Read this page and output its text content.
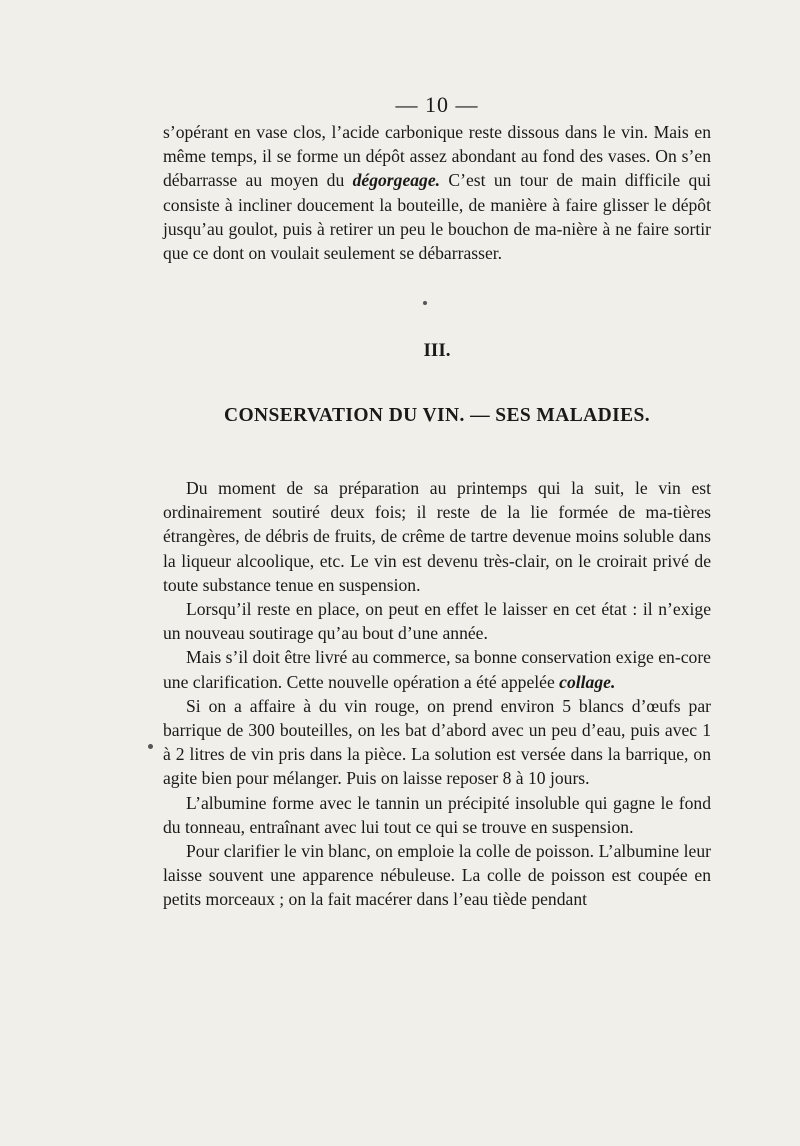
— 10 —

s’opérant en vase clos, l’acide carbonique reste dissous dans le vin. Mais en même temps, il se forme un dépôt assez abondant au fond des vases. On s’en débarrasse au moyen du dégorgeage. C’est un tour de main difficile qui consiste à incliner doucement la bouteille, de manière à faire glisser le dépôt jusqu’au goulot, puis à retirer un peu le bouchon de ma-nière à ne faire sortir que ce dont on voulait seulement se débarrasser.

III.
CONSERVATION DU VIN. — SES MALADIES.

Du moment de sa préparation au printemps qui la suit, le vin est ordinairement soutiré deux fois; il reste de la lie formée de ma-tières étrangères, de débris de fruits, de crême de tartre devenue moins soluble dans la liqueur alcoolique, etc. Le vin est devenu très-clair, on le croirait privé de toute substance tenue en suspension.

Lorsqu’il reste en place, on peut en effet le laisser en cet état : il n’exige un nouveau soutirage qu’au bout d’une année.

Mais s’il doit être livré au commerce, sa bonne conservation exige en-core une clarification. Cette nouvelle opération a été appelée collage.

Si on a affaire à du vin rouge, on prend environ 5 blancs d’œufs par barrique de 300 bouteilles, on les bat d’abord avec un peu d’eau, puis avec 1 à 2 litres de vin pris dans la pièce. La solution est versée dans la barrique, on agite bien pour mélanger. Puis on laisse reposer 8 à 10 jours.

L’albumine forme avec le tannin un précipité insoluble qui gagne le fond du tonneau, entraînant avec lui tout ce qui se trouve en suspension.

Pour clarifier le vin blanc, on emploie la colle de poisson. L’albumine leur laisse souvent une apparence nébuleuse. La colle de poisson est coupée en petits morceaux ; on la fait macérer dans l’eau tiède pendant
